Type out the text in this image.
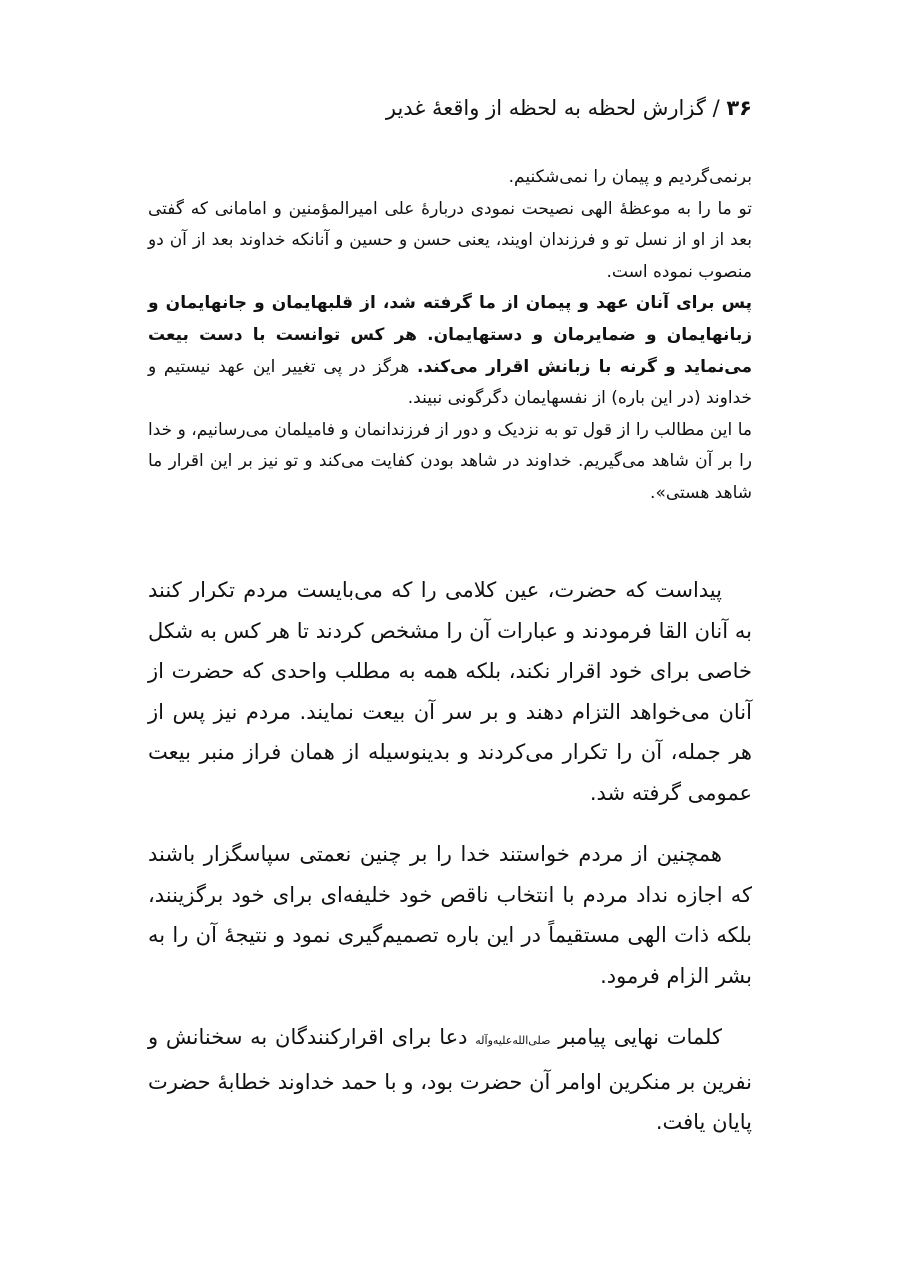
۳۶ / گزارش لحظه به لحظه از واقعهٔ غدیر

برنمی‌گردیم و پیمان را نمی‌شکنیم.

تو ما را به موعظهٔ الهی نصیحت نمودی دربارهٔ علی امیرالمؤمنین و امامانی که گفتی بعد از او از نسل تو و فرزندان اویند، یعنی حسن و حسین و آنانکه خداوند بعد از آن دو منصوب نموده است.

پس برای آنان عهد و پیمان از ما گرفته شد، از قلبهایمان و جانهایمان و زبانهایمان و ضمایرمان و دستهایمان. هر کس توانست با دست بیعت می‌نماید و گرنه با زبانش اقرار می‌کند. هرگز در پی تغییر این عهد نیستیم و خداوند (در این باره) از نفسهایمان دگرگونی نبیند.

ما این مطالب را از قول تو به نزدیک و دور از فرزندانمان و فامیلمان می‌رسانیم، و خدا را بر آن شاهد می‌گیریم. خداوند در شاهد بودن کفایت می‌کند و تو نیز بر این اقرار ما شاهد هستی».

پیداست که حضرت، عین کلامی را که می‌بایست مردم تکرار کنند به آنان القا فرمودند و عبارات آن را مشخص کردند تا هر کس به شکل خاصی برای خود اقرار نکند، بلکه همه به مطلب واحدی که حضرت از آنان می‌خواهد التزام دهند و بر سر آن بیعت نمایند. مردم نیز پس از هر جمله، آن را تکرار می‌کردند و بدینوسیله از همان فراز منبر بیعت عمومی گرفته شد.

همچنین از مردم خواستند خدا را بر چنین نعمتی سپاسگزار باشند که اجازه نداد مردم با انتخاب ناقص خود خلیفه‌ای برای خود برگزینند، بلکه ذات الهی مستقیماً در این باره تصمیم‌گیری نمود و نتیجهٔ آن را به بشر الزام فرمود.

کلمات نهایی پیامبر صلی‌الله‌علیه‌وآله دعا برای اقرارکنندگان به سخنانش و نفرین بر منکرین اوامر آن حضرت بود، و با حمد خداوند خطابهٔ حضرت پایان یافت.
